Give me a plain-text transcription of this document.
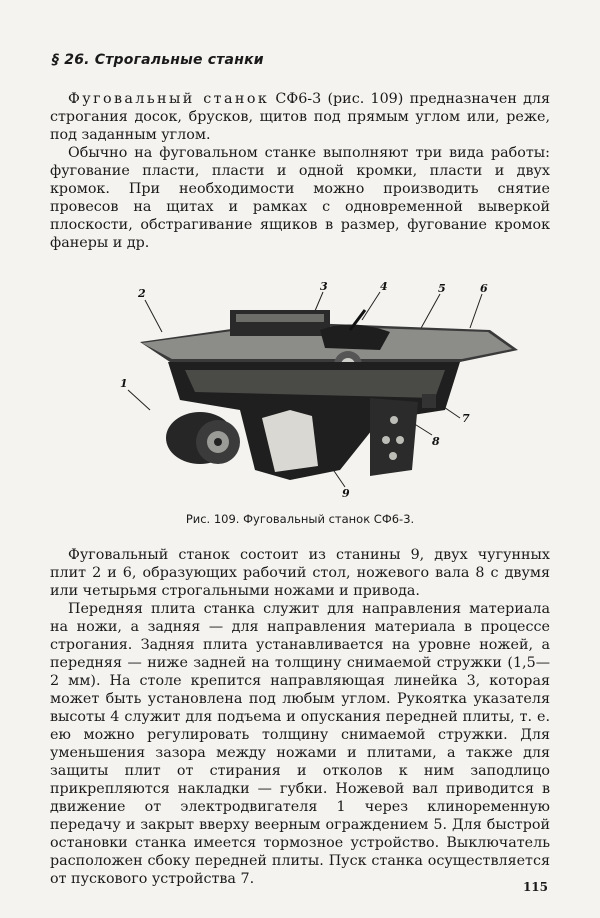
§ 26. Строгальные станки

Фуговальный станок СФ6-3 (рис. 109) предназначен для строгания досок, брусков, щитов под прямым углом или, реже, под заданным углом.

Обычно на фуговальном станке выполняют три вида работы: фугование пласти, пласти и одной кромки, пласти и двух кромок. При необходимости можно производить снятие провесов на щитах и рамках с одновременной выверкой плоскости, обстрагивание ящиков в размер, фугование кромок фанеры и др.

2
3	4	5	6
1
7
8
9
Рис. 109. Фуговальный станок СФ6-3.

Фуговальный станок состоит из станины 9, двух чугунных плит 2 и 6, образующих рабочий стол, ножевого вала 8 с двумя или четырьмя строгальными ножами и привода.

Передняя плита станка служит для направления материала на ножи, а задняя — для направления материала в процессе строгания. Задняя плита устанавливается на уровне ножей, а передняя — ниже задней на толщину снимаемой стружки (1,5—2 мм). На столе крепится направляющая линейка 3, которая может быть установлена под любым углом. Рукоятка указателя высоты 4 служит для подъема и опускания передней плиты, т. е. ею можно регулировать толщину снимаемой стружки. Для уменьшения зазора между ножами и плитами, а также для защиты плит от стирания и отколов к ним заподлицо прикрепляются накладки — губки. Ножевой вал приводится в движение от электродвигателя 1 через клиноременную передачу и закрыт вверху веерным ограждением 5. Для быстрой остановки станка имеется тормозное устройство. Выключатель расположен сбоку передней плиты. Пуск станка осуществляется от пускового устройства 7.	115
